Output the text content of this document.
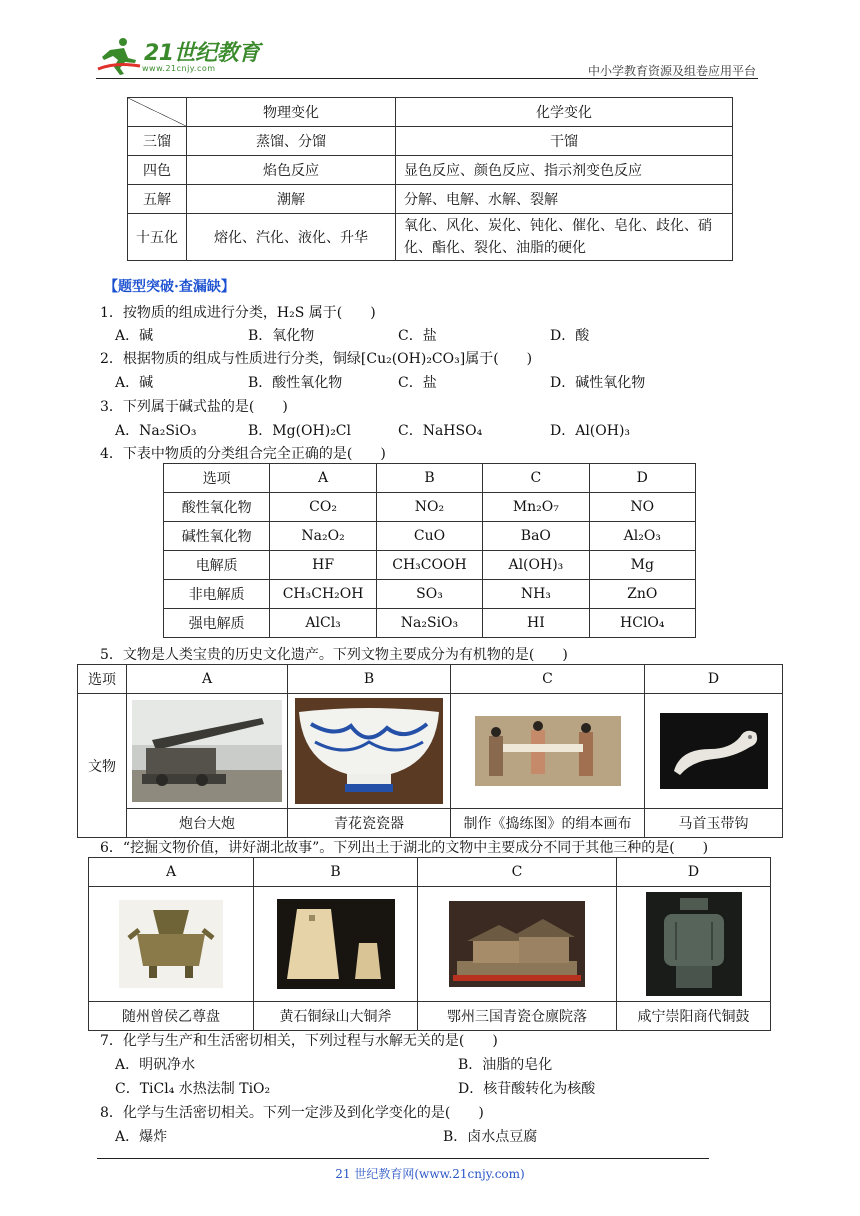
21世纪教育
www.21cnjy.com	中小学教育资源及组卷应用平台
	物理变化	化学变化
三馏	蒸馏、分馏	干馏
四色	焰色反应	显色反应、颜色反应、指示剂变色反应
五解	潮解	分解、电解、水解、裂解
十五化	熔化、汽化、液化、升华	氧化、风化、炭化、钝化、催化、皂化、歧化、硝化、酯化、裂化、油脂的硬化
【题型突破·查漏缺】
1．按物质的组成进行分类，H₂S 属于(　　)
A．碱	B．氧化物	C．盐	D．酸
2．根据物质的组成与性质进行分类，铜绿[Cu₂(OH)₂CO₃]属于(　　)
A．碱	B．酸性氧化物	C．盐	D．碱性氧化物
3．下列属于碱式盐的是(　　)
A．Na₂SiO₃	B．Mg(OH)₂Cl	C．NaHSO₄	D．Al(OH)₃
4．下表中物质的分类组合完全正确的是(　　)
选项	A	B	C	D
酸性氧化物	CO₂	NO₂	Mn₂O₇	NO
碱性氧化物	Na₂O₂	CuO	BaO	Al₂O₃
电解质	HF	CH₃COOH	Al(OH)₃	Mg
非电解质	CH₃CH₂OH	SO₃	NH₃	ZnO
强电解质	AlCl₃	Na₂SiO₃	HI	HClO₄
5．文物是人类宝贵的历史文化遗产。下列文物主要成分为有机物的是(　　)
选项	A	B	C	D
文物				
	炮台大炮	青花瓷瓷器	制作《捣练图》的绢本画布	马首玉带钩
6．“挖掘文物价值，讲好湖北故事”。下列出土于湖北的文物中主要成分不同于其他三种的是(　　)
A	B	C	D

随州曾侯乙尊盘	黄石铜绿山大铜斧	鄂州三国青瓷仓廪院落	咸宁崇阳商代铜鼓
7．化学与生产和生活密切相关，下列过程与水解无关的是(　　)
A．明矾净水	B．油脂的皂化
C．TiCl₄ 水热法制 TiO₂	D．核苷酸转化为核酸
8．化学与生活密切相关。下列一定涉及到化学变化的是(　　)
A．爆炸	B．卤水点豆腐
21 世纪教育网(www.21cnjy.com)
